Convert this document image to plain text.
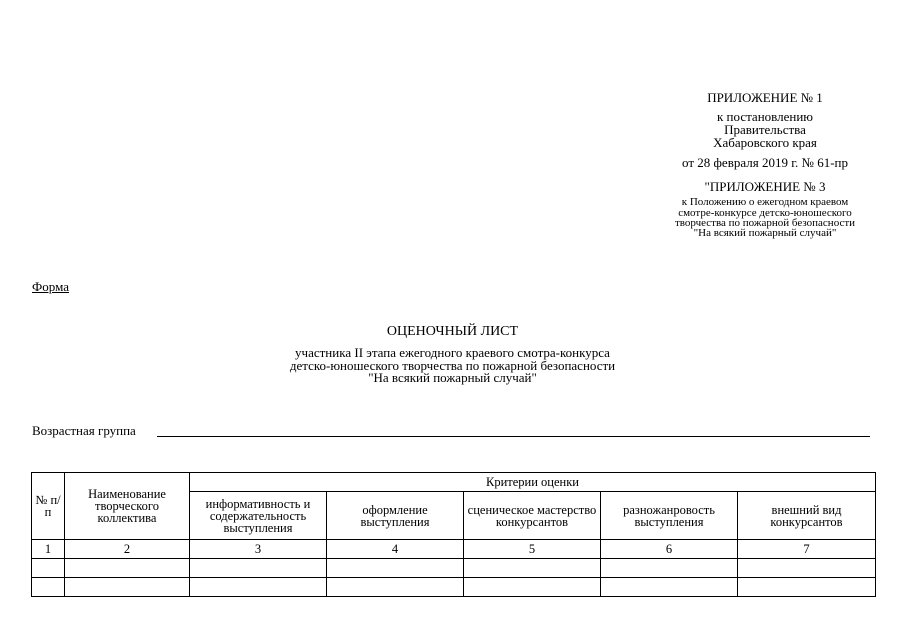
ПРИЛОЖЕНИЕ № 1
к постановлению
Правительства
Хабаровского края
от 28 февраля 2019 г. № 61-пр
"ПРИЛОЖЕНИЕ № 3
к Положению о ежегодном краевом
смотре-конкурсе детско-юношеского
творчества по пожарной безопасности
"На всякий пожарный случай"
Форма
ОЦЕНОЧНЫЙ ЛИСТ
участника II этапа ежегодного краевого смотра-конкурса
детско-юношеского творчества по пожарной безопасности
"На всякий пожарный случай"
Возрастная группа
№ п/п	Наименование творческого коллектива	Критерии оценки				
		информативность и содержательность выступления	оформление выступления	сценическое мастерство конкурсантов	разножанровость выступления	внешний вид конкурсантов
1	2	3	4	5	6	7
